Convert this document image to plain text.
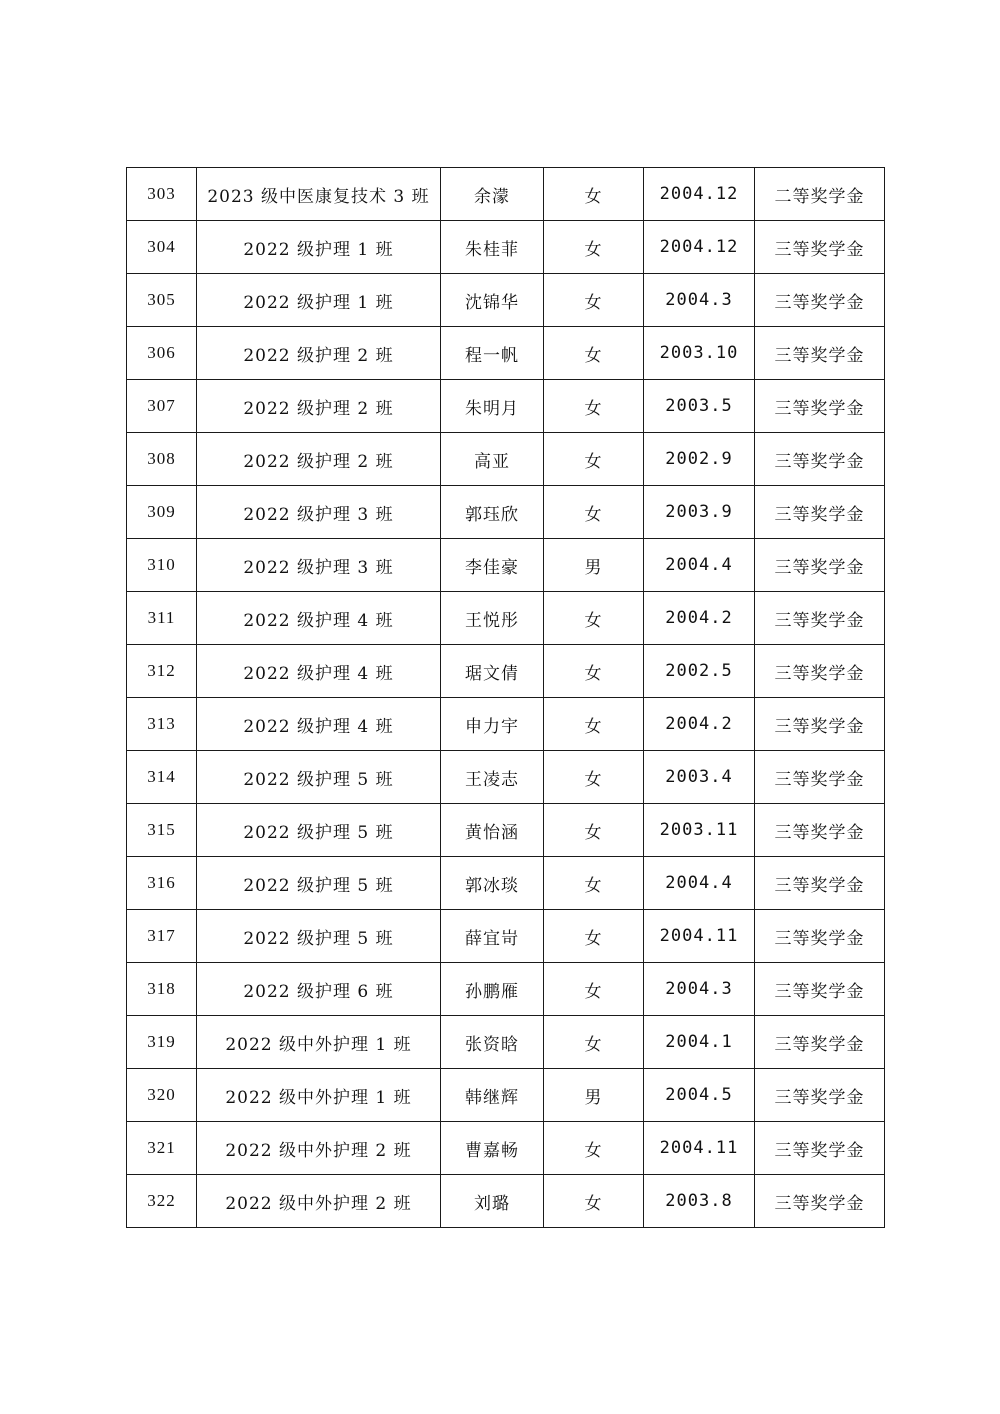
303	2023 级中医康复技术 3 班	余濛	女	2004.12	二等奖学金
304	2022 级护理 1 班	朱桂菲	女	2004.12	三等奖学金
305	2022 级护理 1 班	沈锦华	女	2004.3	三等奖学金
306	2022 级护理 2 班	程一帆	女	2003.10	三等奖学金
307	2022 级护理 2 班	朱明月	女	2003.5	三等奖学金
308	2022 级护理 2 班	高亚	女	2002.9	三等奖学金
309	2022 级护理 3 班	郭珏欣	女	2003.9	三等奖学金
310	2022 级护理 3 班	李佳豪	男	2004.4	三等奖学金
311	2022 级护理 4 班	王悦彤	女	2004.2	三等奖学金
312	2022 级护理 4 班	琚文倩	女	2002.5	三等奖学金
313	2022 级护理 4 班	申力宇	女	2004.2	三等奖学金
314	2022 级护理 5 班	王凌志	女	2003.4	三等奖学金
315	2022 级护理 5 班	黄怡涵	女	2003.11	三等奖学金
316	2022 级护理 5 班	郭冰琰	女	2004.4	三等奖学金
317	2022 级护理 5 班	薛宜岢	女	2004.11	三等奖学金
318	2022 级护理 6 班	孙鹏雁	女	2004.3	三等奖学金
319	2022 级中外护理 1 班	张资晗	女	2004.1	三等奖学金
320	2022 级中外护理 1 班	韩继辉	男	2004.5	三等奖学金
321	2022 级中外护理 2 班	曹嘉畅	女	2004.11	三等奖学金
322	2022 级中外护理 2 班	刘璐	女	2003.8	三等奖学金
